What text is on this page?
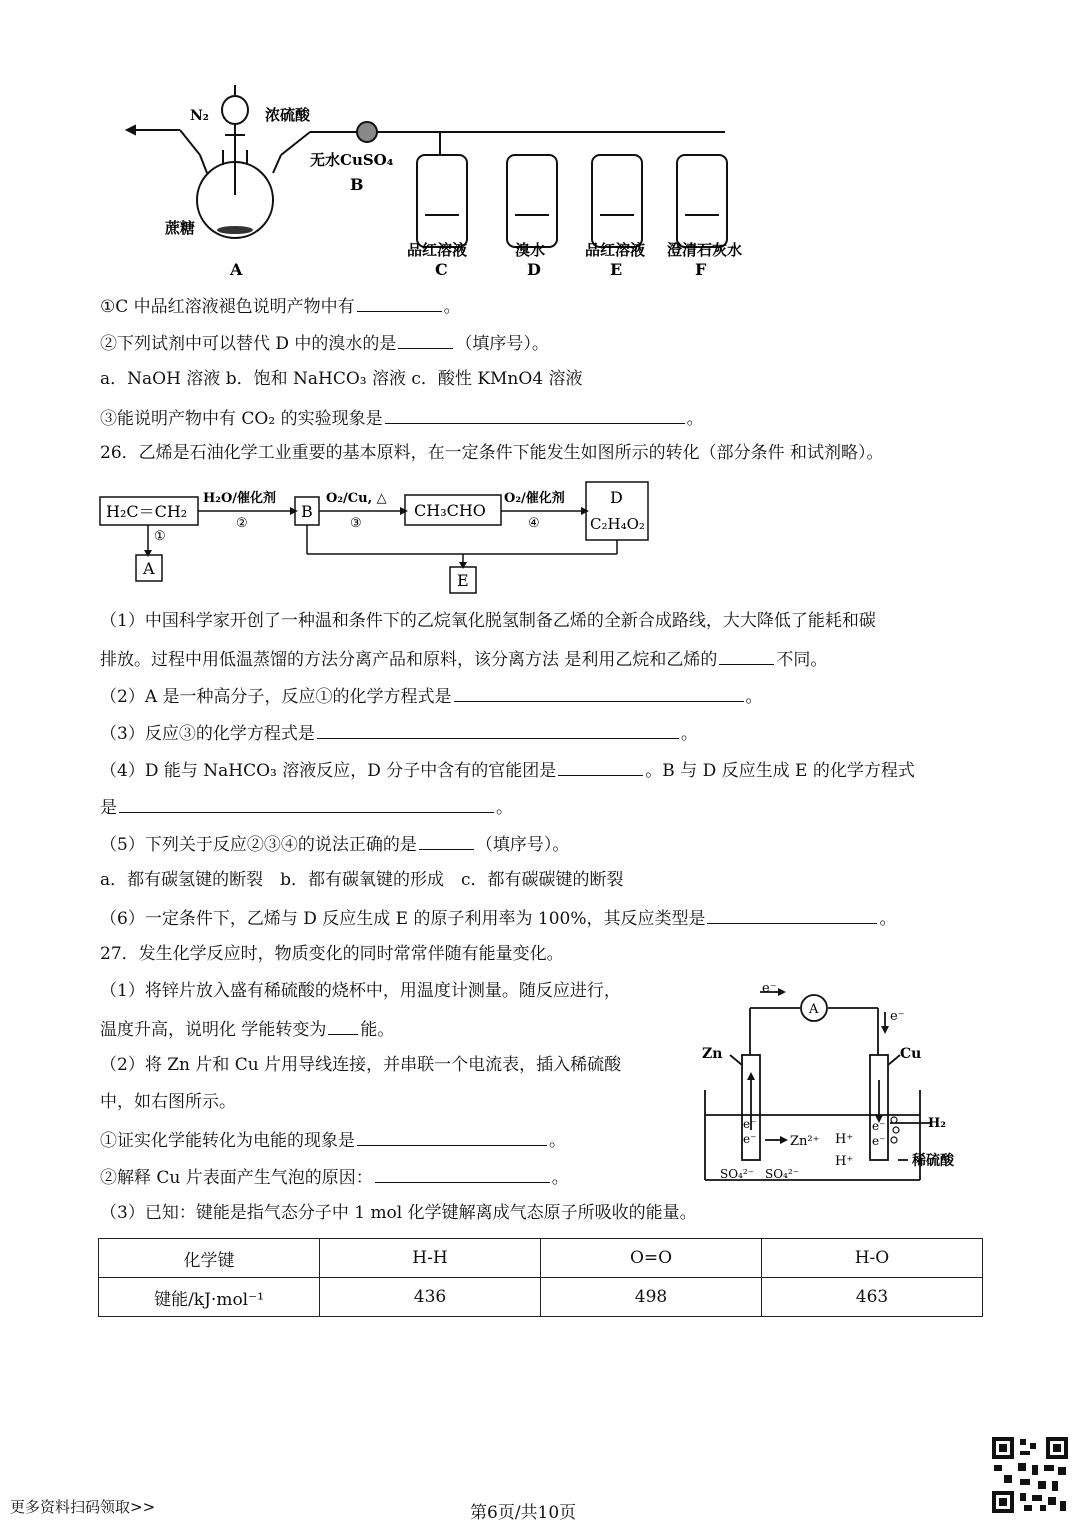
N₂	浓硫酸
蔗糖
无水CuSO₄
A
B
品红溶液
C
溴水
D
品红溶液
E
澄清石灰水
F
①C 中品红溶液褪色说明产物中有	。
②下列试剂中可以替代 D 中的溴水的是	（填序号）。
a．NaOH 溶液 b．饱和 NaHCO₃ 溶液 c．酸性 KMnO4 溶液
③能说明产物中有 CO₂ 的实验现象是	。
26．乙烯是石油化学工业重要的基本原料，在一定条件下能发生如图所示的转化（部分条件 和试剂略）。
H₂C＝CH₂
H₂O/催化剂
②
B
O₂/Cu, △
③
CH₃CHO
O₂/催化剂
④
D
C₂H₄O₂
①
A
E
（1）中国科学家开创了一种温和条件下的乙烷氧化脱氢制备乙烯的全新合成路线，大大降低了能耗和碳
排放。过程中用低温蒸馏的方法分离产品和原料，该分离方法 是利用乙烷和乙烯的	不同。
（2）A 是一种高分子，反应①的化学方程式是	。
（3）反应③的化学方程式是	。
（4）D 能与 NaHCO₃ 溶液反应，D 分子中含有的官能团是	。B 与 D 反应生成 E 的化学方程式
是	。
（5）下列关于反应②③④的说法正确的是	（填序号）。
a．都有碳氢键的断裂　b．都有碳氧键的形成　c．都有碳碳键的断裂
（6）一定条件下，乙烯与 D 反应生成 E 的原子利用率为 100%，其反应类型是	。
27．发生化学反应时，物质变化的同时常常伴随有能量变化。
（1）将锌片放入盛有稀硫酸的烧杯中，用温度计测量。随反应进行，
温度升高，说明化 学能转变为 能。
（2）将 Zn 片和 Cu 片用导线连接，并串联一个电流表，插入稀硫酸
中，如右图所示。
①证实化学能转化为电能的现象是	。
②解释 Cu 片表面产生气泡的原因：	。
（3）已知：键能是指气态分子中 1 mol 化学键解离成气态原子所吸收的能量。
e⁻
A	e⁻
Zn	Cu
H₂
稀硫酸
e⁻
e⁻
e⁻
e⁻
Zn²⁺ H⁺
H⁺
SO₄²⁻ SO₄²⁻
化学键	H-H	O=O	H-O
键能/kJ·mol⁻¹	436	498	463
更多资料扫码领取>>	第6页/共10页
